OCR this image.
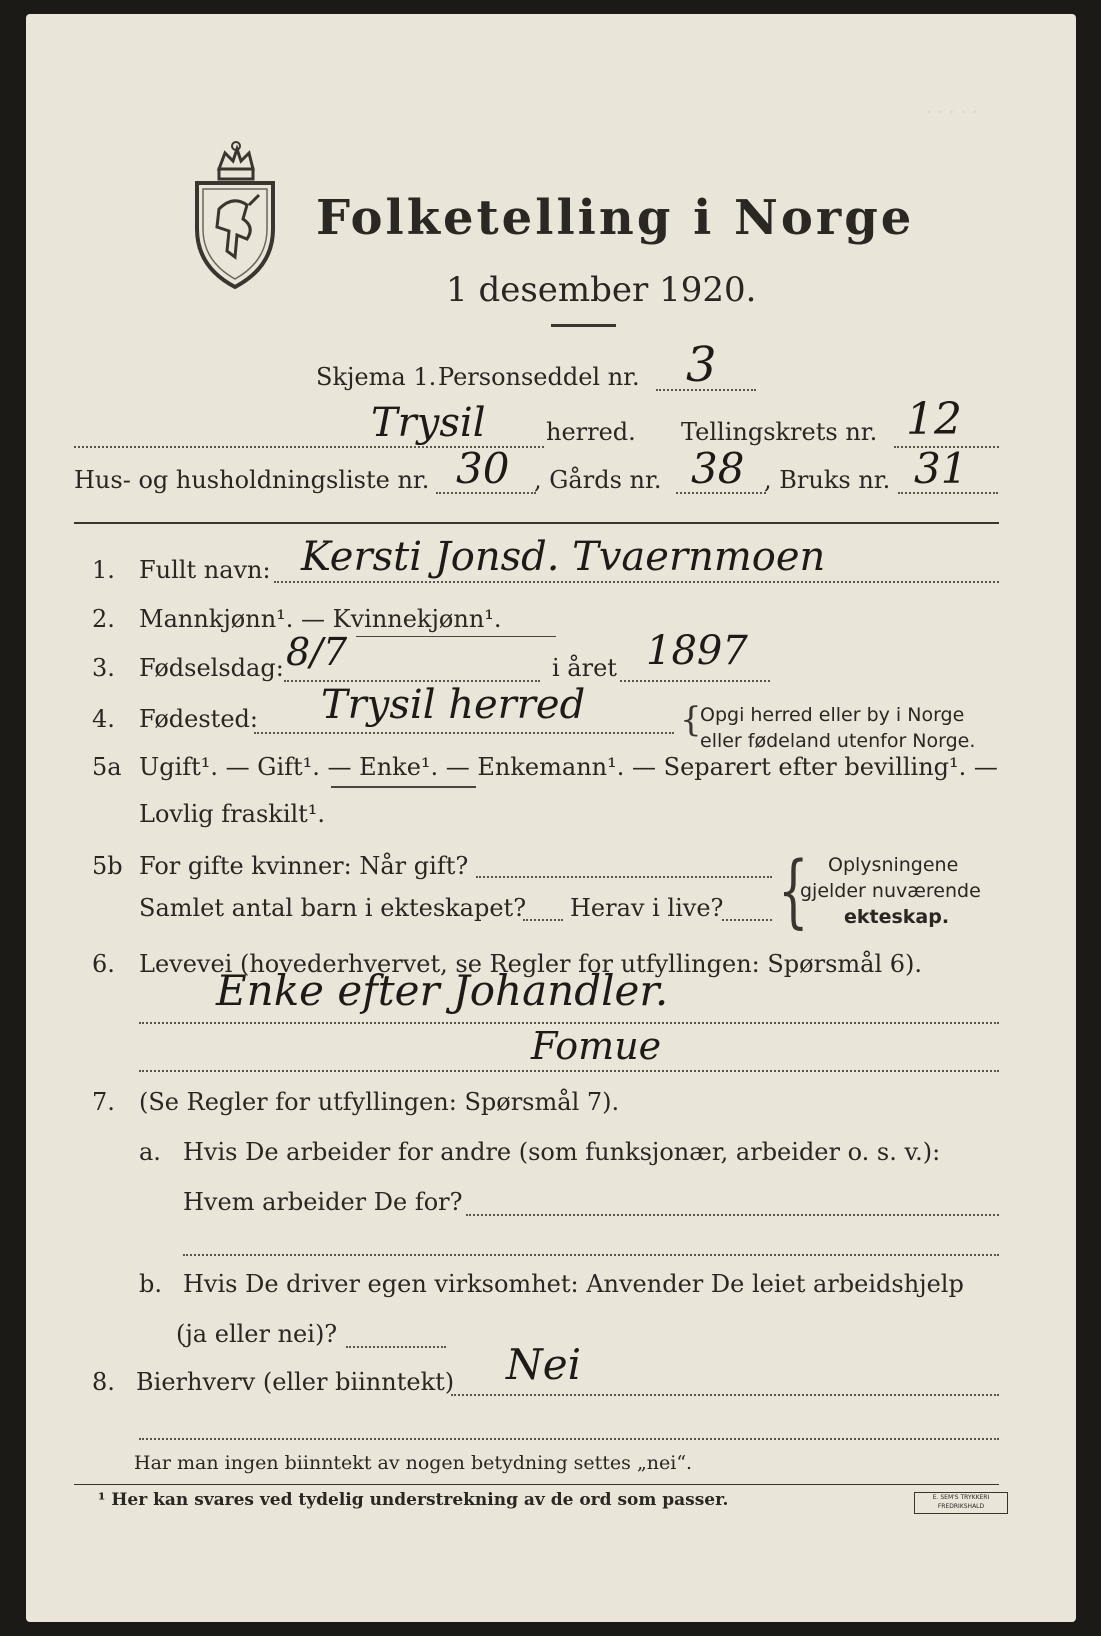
· · · · ·
Folketelling i Norge
1 desember 1920.
Skjema 1. Personseddel nr. 3
Trysil	herred. Tellingskrets nr. 12
Hus- og husholdningsliste nr. 30 , Gårds nr. 38 , Bruks nr. 31
1. Fullt navn: Kersti Jonsd. Tvaernmoen
2. Mannkjønn¹. — Kvinnekjønn¹.
3. Fødselsdag: 8/7	i året 1897
4. Fødested: Trysil herred	{
Opgi herred eller by i Norge
eller fødeland utenfor Norge.
5a Ugift¹. — Gift¹. — Enke¹. — Enkemann¹. — Separert efter bevilling¹. —
Lovlig fraskilt¹.
5b For gifte kvinner: Når gift?
Samlet antal barn i ekteskapet? Herav i live? { Oplysningene
gjelder nuværende
ekteskap.
6. Levevei (hovederhvervet, se Regler for utfyllingen: Spørsmål 6).
Enke efter Johandler.
Fomue
7. (Se Regler for utfyllingen: Spørsmål 7).
a. Hvis De arbeider for andre (som funksjonær, arbeider o. s. v.):
Hvem arbeider De for?
b. Hvis De driver egen virksomhet: Anvender De leiet arbeidshjelp
(ja eller nei)?
8. Bierhverv (eller biinntekt) Nei
Har man ingen biinntekt av nogen betydning settes „nei“.
¹ Her kan svares ved tydelig understrekning av de ord som passer.	E. SEM'S TRYKKERI FREDRIKSHALD
